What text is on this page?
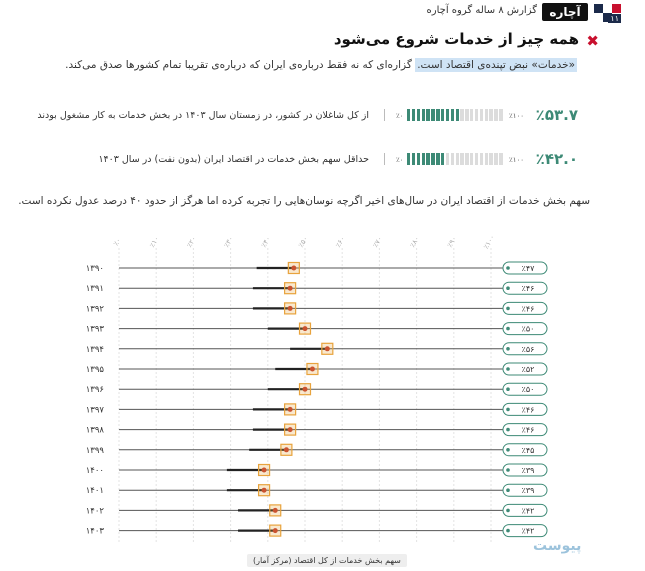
گزارش ۸ ساله گروه آچاره	آچاره	۱۱
✖
همه چیز از خدمات شروع می‌شود
«خدمات» نبض تپنده‌ی اقتصاد است. گزاره‌ای که نه فقط درباره‌ی ایران که درباره‌ی تقریبا تمام کشورها صدق می‌کند.
٪۵۳.۷
٪۱۰۰
٪۰
از کل شاغلان در کشور، در زمستان سال ۱۴۰۳ در بخش خدمات به کار مشغول بودند
٪۴۲.۰
٪۱۰۰
٪۰
حداقل سهم بخش خدمات در اقتصاد ایران (بدون نفت) در سال ۱۴۰۳
سهم بخش خدمات از اقتصاد ایران در سال‌های اخیر اگرچه نوسان‌هایی را تجربه کرده اما هرگز از حدود ۴۰ درصد عدول نکرده است.
٪۰	٪۱۰	٪۲۰	٪۳۰	٪۴۰	٪۵۰	٪۶۰	٪۷۰	٪۸۰	٪۹۰	٪۱۰۰
۱۳۹۰	٪۴۷
۱۳۹۱	٪۴۶
۱۳۹۲	٪۴۶
۱۳۹۳	٪۵۰
۱۳۹۴	٪۵۶
۱۳۹۵	٪۵۲
۱۳۹۶	٪۵۰
۱۳۹۷	٪۴۶
۱۳۹۸	٪۴۶
۱۳۹۹	٪۴۵
۱۴۰۰	٪۳۹
۱۴۰۱	٪۳۹
۱۴۰۲	٪۴۲
۱۴۰۳	٪۴۲
سهم بخش خدمات از کل اقتصاد (مرکز آمار)
پیوست
